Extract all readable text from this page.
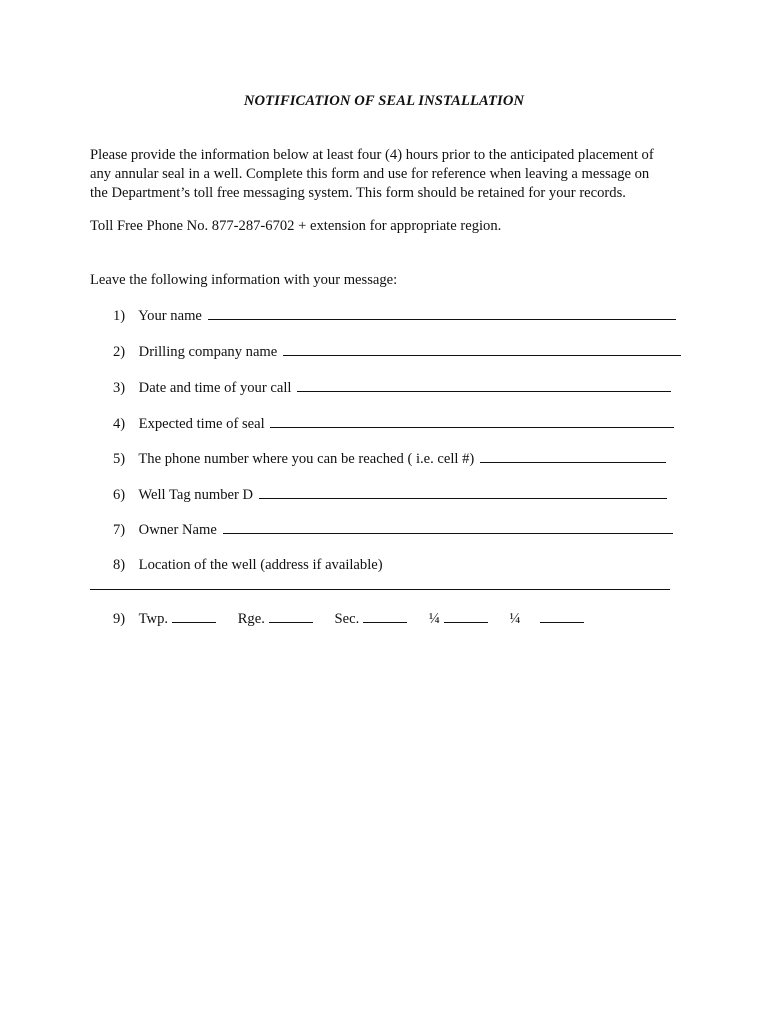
NOTIFICATION OF SEAL INSTALLATION

Please provide the information below at least four (4) hours prior to the anticipated placement of

any annular seal in a well. Complete this form and use for reference when leaving a message on

the Department’s toll free messaging system. This form should be retained for your records.

Toll Free Phone No. 877-287-6702 + extension for appropriate region.

Leave the following information with your message:

1) Your name
2) Drilling company name
3) Date and time of your call
4) Expected time of seal
5) The phone number where you can be reached ( i.e. cell #)
6) Well Tag number D
7) Owner Name
8) Location of the well (address if available)
9) Twp.	Rge.	Sec.	¼	¼
